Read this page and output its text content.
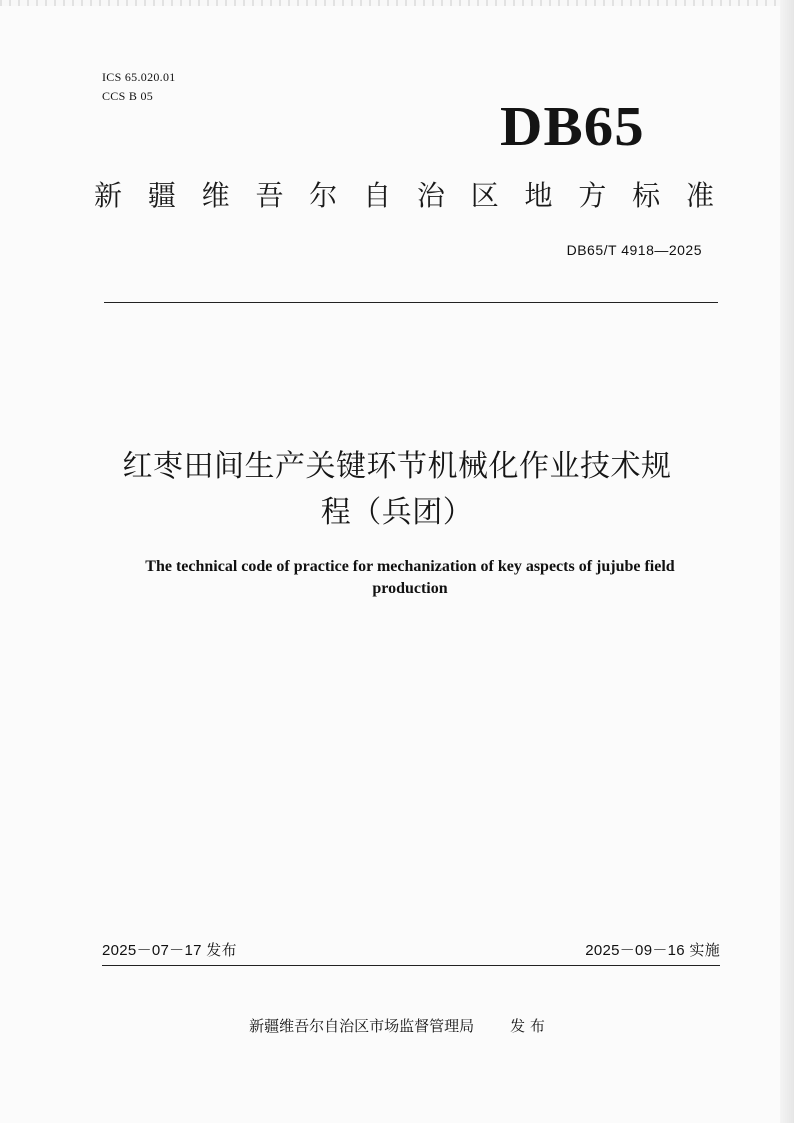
ICS 65.020.01
CCS B 05	DB65
新 疆 维 吾 尔 自 治 区 地 方 标 准
DB65/T 4918—2025
红枣田间生产关键环节机械化作业技术规
程（兵团）
The technical code of practice for mechanization of key aspects of jujube field
production
2025－07－17 发布	2025－09－16 实施
新疆维吾尔自治区市场监督管理局 发 布
